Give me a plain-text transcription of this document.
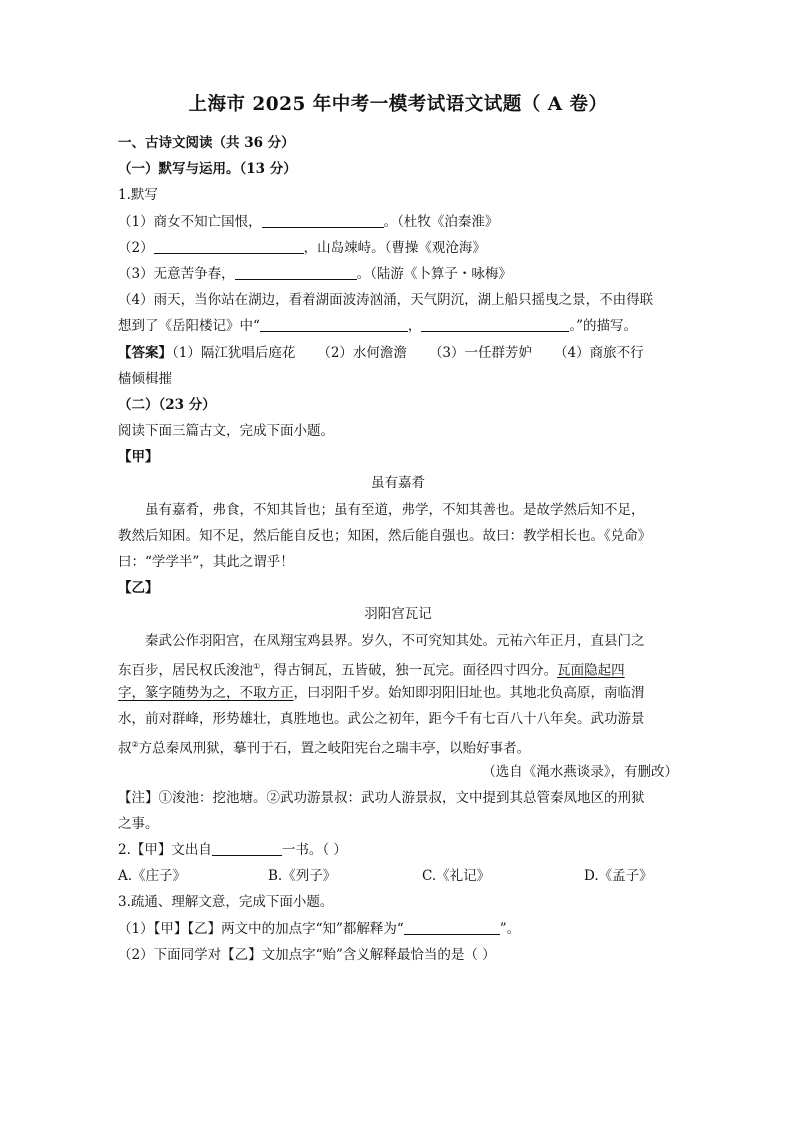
上海市 2025 年中考一模考试语文试题（ A 卷）
一、古诗文阅读（共 36 分）
（一）默写与运用。（13 分）
1.默写
（1）商女不知亡国恨，	。（杜牧《泊秦淮》
（2）	，山岛竦峙。（曹操《观沧海》
（3）无意苦争春，	。（陆游《卜算子・咏梅》
（4）雨天，当你站在湖边，看着湖面波涛汹涌，天气阴沉，湖上船只摇曳之景，不由得联
想到了《岳阳楼记》中“	，	。”的描写。
【答案】（1）隔江犹唱后庭花 （2）水何澹澹 （3）一任群芳妒 （4）商旅不行
樯倾楫摧
（二）（23 分）
阅读下面三篇古文，完成下面小题。
【甲】
虽有嘉肴
虽有嘉肴，弗食，不知其旨也；虽有至道，弗学，不知其善也。是故学然后知不足，
教然后知困。知不足，然后能自反也；知困，然后能自强也。故曰：教学相长也。《兑命》
曰：“学学半”，其此之谓乎！
【乙】
羽阳宫瓦记
秦武公作羽阳宫，在凤翔宝鸡县界。岁久，不可究知其处。元祐六年正月，直县门之
东百步，居民权氏浚池①，得古铜瓦，五皆破，独一瓦完。面径四寸四分。瓦面隐起四
字，篆字随势为之，不取方正，曰羽阳千岁。始知即羽阳旧址也。其地北负高原，南临渭
水，前对群峰，形势雄壮，真胜地也。武公之初年，距今千有七百八十八年矣。武功游景
叔②方总秦凤刑狱，摹刊于石，置之岐阳宪台之瑞丰亭，以贻好事者。
（选自《渑水燕谈录》，有删改）
【注】①浚池：挖池塘。②武功游景叔：武功人游景叔，文中提到其总管秦凤地区的刑狱
之事。
2.【甲】文出自	一书。（ ）
A.《庄子》	B.《列子》	C.《礼记》	D.《孟子》
3.疏通、理解文意，完成下面小题。
（1）【甲】【乙】两文中的加点字“知”都解释为“	”。
（2）下面同学对【乙】文加点字“贻”含义解释最恰当的是（ ）
